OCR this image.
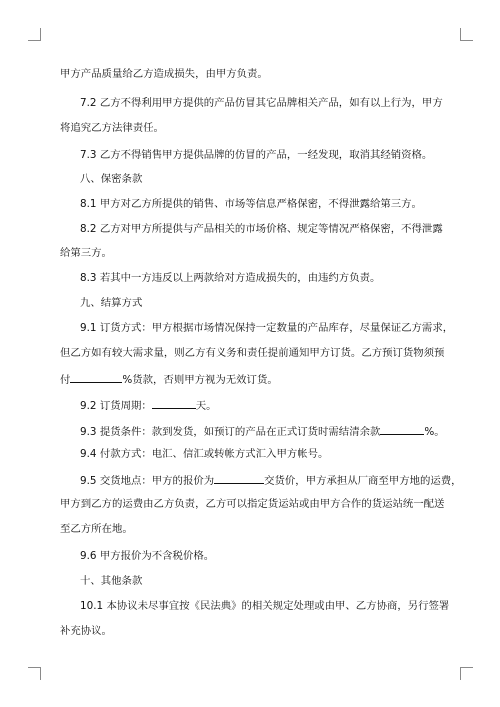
甲方产品质量给乙方造成损失，由甲方负责。
7.2 乙方不得利用甲方提供的产品仿冒其它品牌相关产品，如有以上行为，甲方
将追究乙方法律责任。
7.3 乙方不得销售甲方提供品牌的仿冒的产品，一经发现，取消其经销资格。
八、保密条款
8.1 甲方对乙方所提供的销售、市场等信息严格保密，不得泄露给第三方。
8.2 乙方对甲方所提供与产品相关的市场价格、规定等情况严格保密，不得泄露
给第三方。
8.3 若其中一方违反以上两款给对方造成损失的，由违约方负责。
九、结算方式
9.1 订货方式：甲方根据市场情况保持一定数量的产品库存，尽量保证乙方需求，
但乙方如有较大需求量，则乙方有义务和责任提前通知甲方订货。乙方预订货物须预
付	%货款，否则甲方视为无效订货。
9.2 订货周期：	天。
9.3 提货条件：款到发货，如预订的产品在正式订货时需结清余款	%。
9.4 付款方式：电汇、信汇或转帐方式汇入甲方帐号。
9.5 交货地点：甲方的报价为	交货价，甲方承担从厂商至甲方地的运费，
甲方到乙方的运费由乙方负责，乙方可以指定货运站或由甲方合作的货运站统一配送
至乙方所在地。
9.6 甲方报价为不含税价格。
十、其他条款
10.1 本协议未尽事宜按《民法典》的相关规定处理或由甲、乙方协商，另行签署
补充协议。
